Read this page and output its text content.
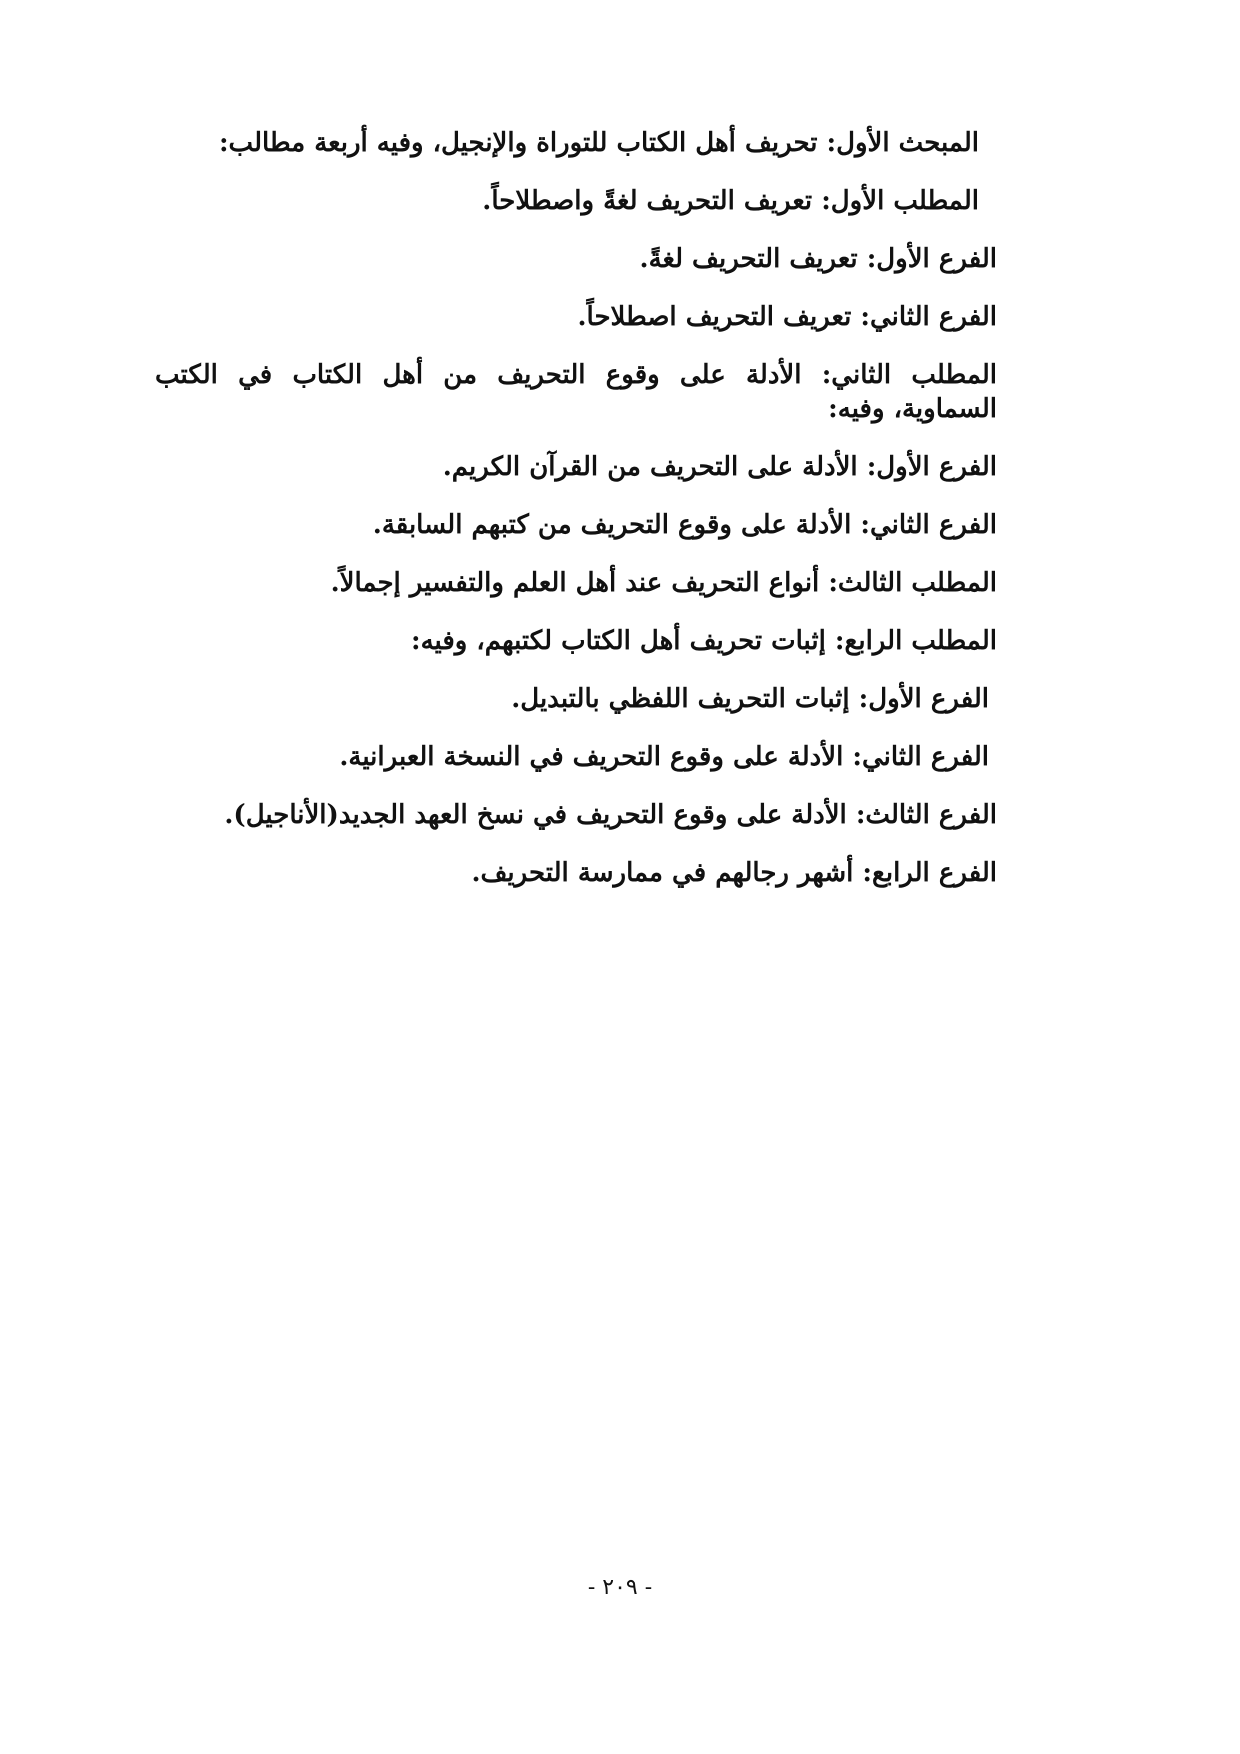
المبحث الأول: تحريف أهل الكتاب للتوراة والإنجيل، وفيه أربعة مطالب:
المطلب الأول: تعريف التحريف لغةً واصطلاحاً.
الفرع الأول: تعريف التحريف لغةً.
الفرع الثاني: تعريف التحريف اصطلاحاً.
المطلب الثاني: الأدلة على وقوع التحريف من أهل الكتاب في الكتب السماوية، وفيه:
الفرع الأول: الأدلة على التحريف من القرآن الكريم.
الفرع الثاني: الأدلة على وقوع التحريف من كتبهم السابقة.
المطلب الثالث: أنواع التحريف عند أهل العلم والتفسير إجمالاً.
المطلب الرابع: إثبات تحريف أهل الكتاب لكتبهم، وفيه:
الفرع الأول: إثبات التحريف اللفظي بالتبديل.
الفرع الثاني: الأدلة على وقوع التحريف في النسخة العبرانية.
الفرع الثالث: الأدلة على وقوع التحريف في نسخ العهد الجديد(الأناجيل).
الفرع الرابع: أشهر رجالهم في ممارسة التحريف.
- ٢٠٩ -
